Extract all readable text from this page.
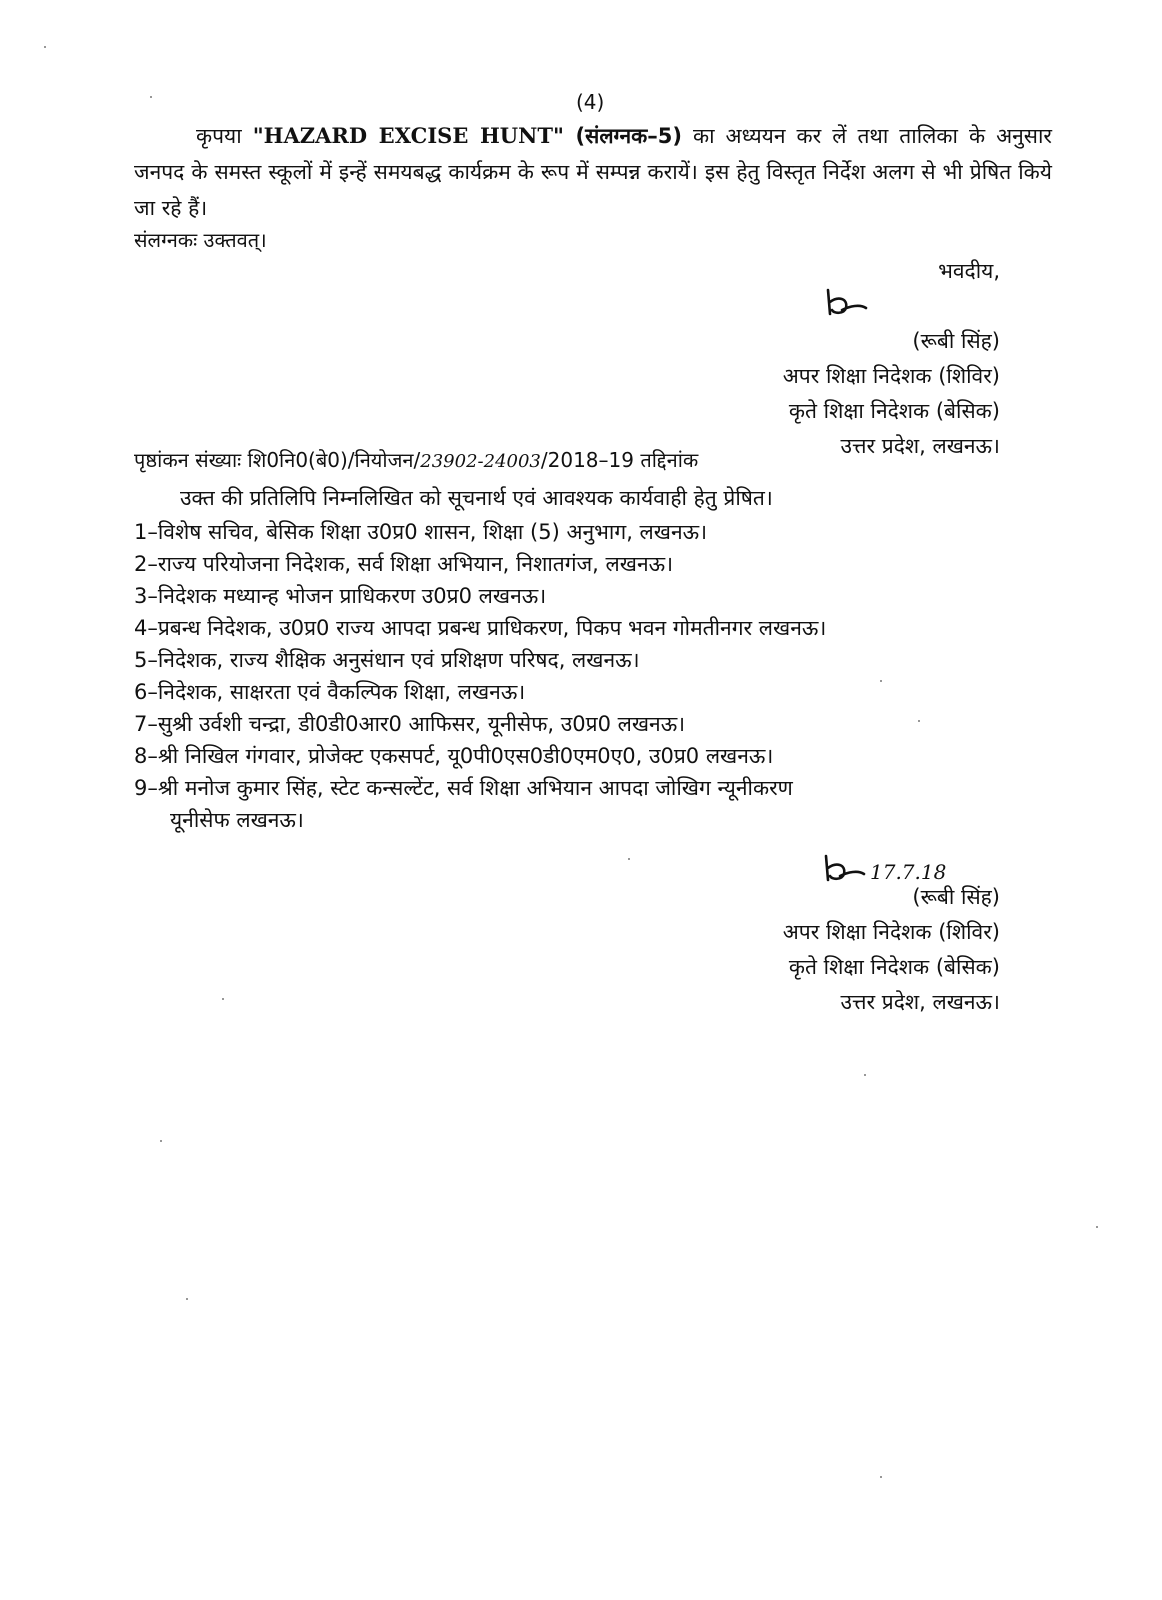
(4)
कृपया "HAZARD EXCISE HUNT" (संलग्नक–5) का अध्ययन कर लें तथा तालिका के अनुसार जनपद के समस्त स्कूलों में इन्हें समयबद्ध कार्यक्रम के रूप में सम्पन्न करायें। इस हेतु विस्तृत निर्देश अलग से भी प्रेषित किये जा रहे हैं।
संलग्नकः उक्तवत्।
भवदीय,
(रूबी सिंह)
अपर शिक्षा निदेशक (शिविर)
कृते शिक्षा निदेशक (बेसिक)
उत्तर प्रदेश, लखनऊ।
पृष्ठांकन संख्याः शि0नि0(बे0)/नियोजन/23902-24003/2018–19 तद्दिनांक
उक्त की प्रतिलिपि निम्नलिखित को सूचनार्थ एवं आवश्यक कार्यवाही हेतु प्रेषित।
1–विशेष सचिव, बेसिक शिक्षा उ0प्र0 शासन, शिक्षा (5) अनुभाग, लखनऊ।
2–राज्य परियोजना निदेशक, सर्व शिक्षा अभियान, निशातगंज, लखनऊ।
3–निदेशक मध्यान्ह भोजन प्राधिकरण उ0प्र0 लखनऊ।
4–प्रबन्ध निदेशक, उ0प्र0 राज्य आपदा प्रबन्ध प्राधिकरण, पिकप भवन गोमतीनगर लखनऊ।
5–निदेशक, राज्य शैक्षिक अनुसंधान एवं प्रशिक्षण परिषद, लखनऊ।
6–निदेशक, साक्षरता एवं वैकल्पिक शिक्षा, लखनऊ।
7–सुश्री उर्वशी चन्द्रा, डी0डी0आर0 आफिसर, यूनीसेफ, उ0प्र0 लखनऊ।
8–श्री निखिल गंगवार, प्रोजेक्ट एकसपर्ट, यू0पी0एस0डी0एम0ए0, उ0प्र0 लखनऊ।
9–श्री मनोज कुमार सिंह, स्टेट कन्सल्टेंट, सर्व शिक्षा अभियान आपदा जोखिग न्यूनीकरण
यूनीसेफ लखनऊ।
17.7.18
(रूबी सिंह)
अपर शिक्षा निदेशक (शिविर)
कृते शिक्षा निदेशक (बेसिक)
उत्तर प्रदेश, लखनऊ।
